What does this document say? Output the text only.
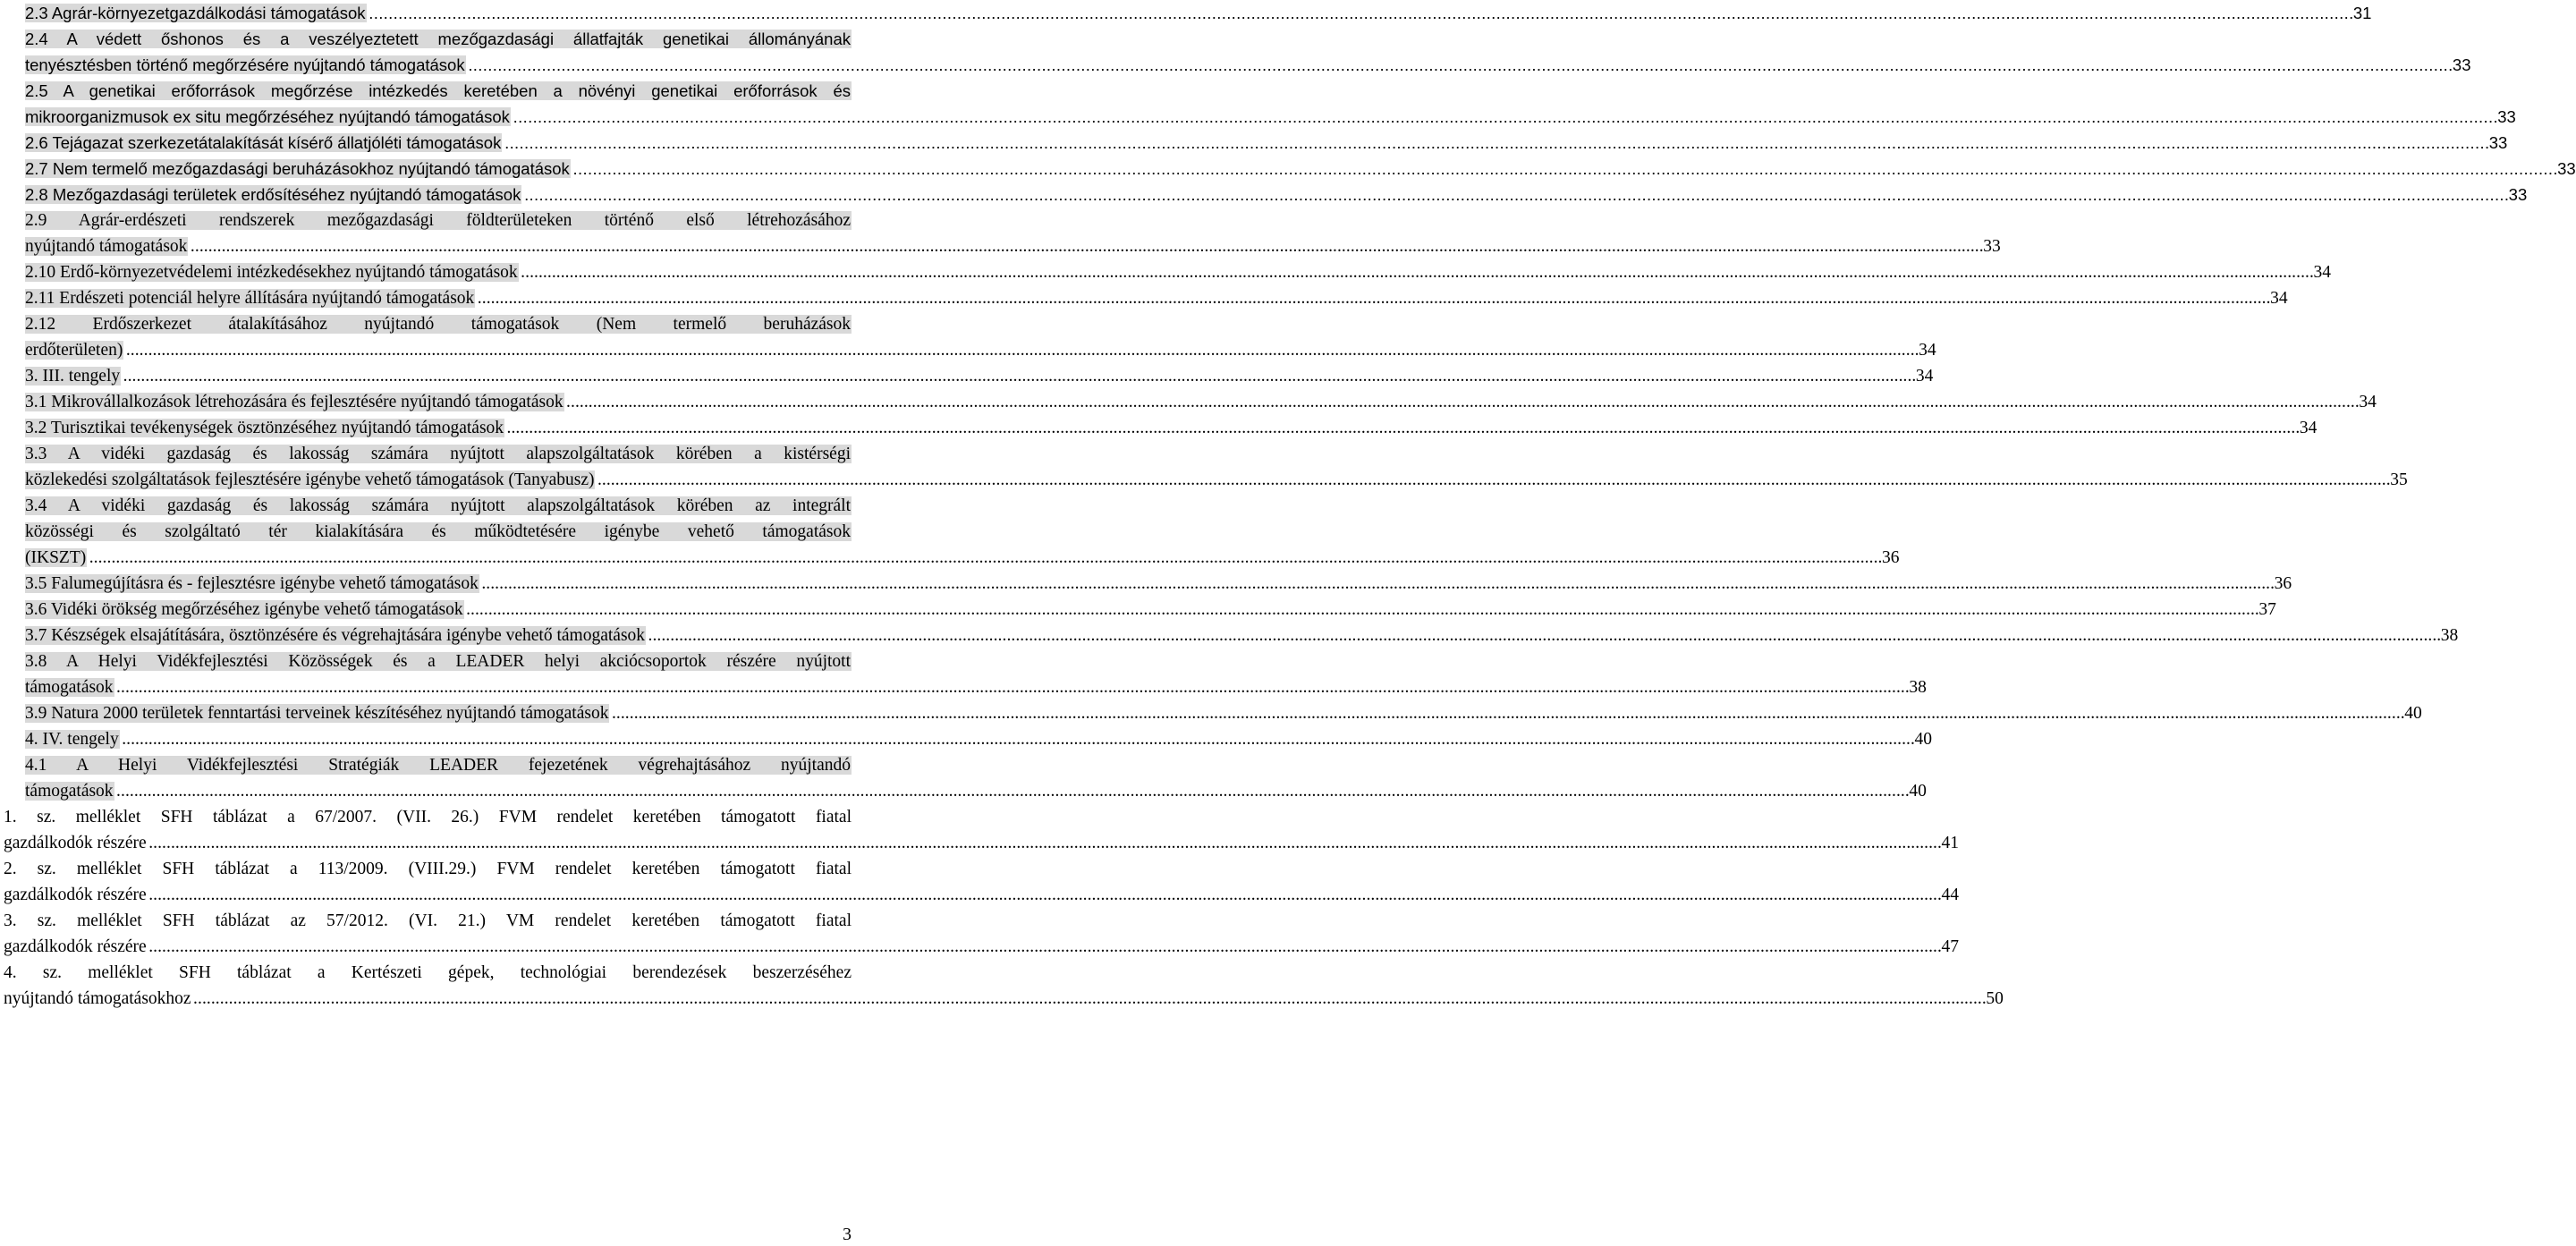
2.3 Agrár-környezetgazdálkodási támogatások . . .	31
2.4 A védett őshonos és a veszélyeztetett mezőgazdasági állatfajták genetikai állományának
tenyésztésben történő megőrzésére nyújtandó támogatások . . .	33
2.5 A genetikai erőforrások megőrzése intézkedés keretében a növényi genetikai erőforrások és
mikroorganizmusok ex situ megőrzéséhez nyújtandó támogatások . . .	33
2.6 Tejágazat szerkezetátalakítását kísérő állatjóléti támogatások . . .	33
2.7 Nem termelő mezőgazdasági beruházásokhoz nyújtandó támogatások . . .	33
2.8 Mezőgazdasági területek erdősítéséhez nyújtandó támogatások . . .	33
2.9 Agrár-erdészeti rendszerek mezőgazdasági földterületeken történő első létrehozásához
nyújtandó támogatások . . .	33
2.10 Erdő-környezetvédelemi intézkedésekhez nyújtandó támogatások . . .	34
2.11 Erdészeti potenciál helyre állítására nyújtandó támogatások . . .	34
2.12 Erdőszerkezet átalakításához nyújtandó támogatások (Nem termelő beruházások
erdőterületen) . . .	34
3. III. tengely . . .	34
3.1 Mikrovállalkozások létrehozására és fejlesztésére nyújtandó támogatások . . .	34
3.2 Turisztikai tevékenységek ösztönzéséhez nyújtandó támogatások . . .	34
3.3 A vidéki gazdaság és lakosság számára nyújtott alapszolgáltatások körében a kistérségi
közlekedési szolgáltatások fejlesztésére igénybe vehető támogatások (Tanyabusz) . . .	35
3.4 A vidéki gazdaság és lakosság számára nyújtott alapszolgáltatások körében az integrált
közösségi és szolgáltató tér kialakítására és működtetésére igénybe vehető támogatások
(IKSZT) . . .	36
3.5 Falumegújításra és - fejlesztésre igénybe vehető támogatások . . .	36
3.6 Vidéki örökség megőrzéséhez igénybe vehető támogatások . . .	37
3.7 Készségek elsajátítására, ösztönzésére és végrehajtására igénybe vehető támogatások . . .	38
3.8 A Helyi Vidékfejlesztési Közösségek és a LEADER helyi akciócsoportok részére nyújtott
támogatások . . .	38
3.9 Natura 2000 területek fenntartási terveinek készítéséhez nyújtandó támogatások . . .	40
4. IV. tengely . . .	40
4.1 A Helyi Vidékfejlesztési Stratégiák LEADER fejezetének végrehajtásához nyújtandó
támogatások . . .	40
1. sz. melléklet SFH táblázat a 67/2007. (VII. 26.) FVM rendelet keretében támogatott fiatal
gazdálkodók részére . . .	41
2. sz. melléklet SFH táblázat a 113/2009. (VIII.29.) FVM rendelet keretében támogatott fiatal
gazdálkodók részére . . .	44
3. sz. melléklet SFH táblázat az 57/2012. (VI. 21.) VM rendelet keretében támogatott fiatal
gazdálkodók részére . . .	47
4. sz. melléklet SFH táblázat a Kertészeti gépek, technológiai berendezések beszerzéséhez
nyújtandó támogatásokhoz . . .	50
3
